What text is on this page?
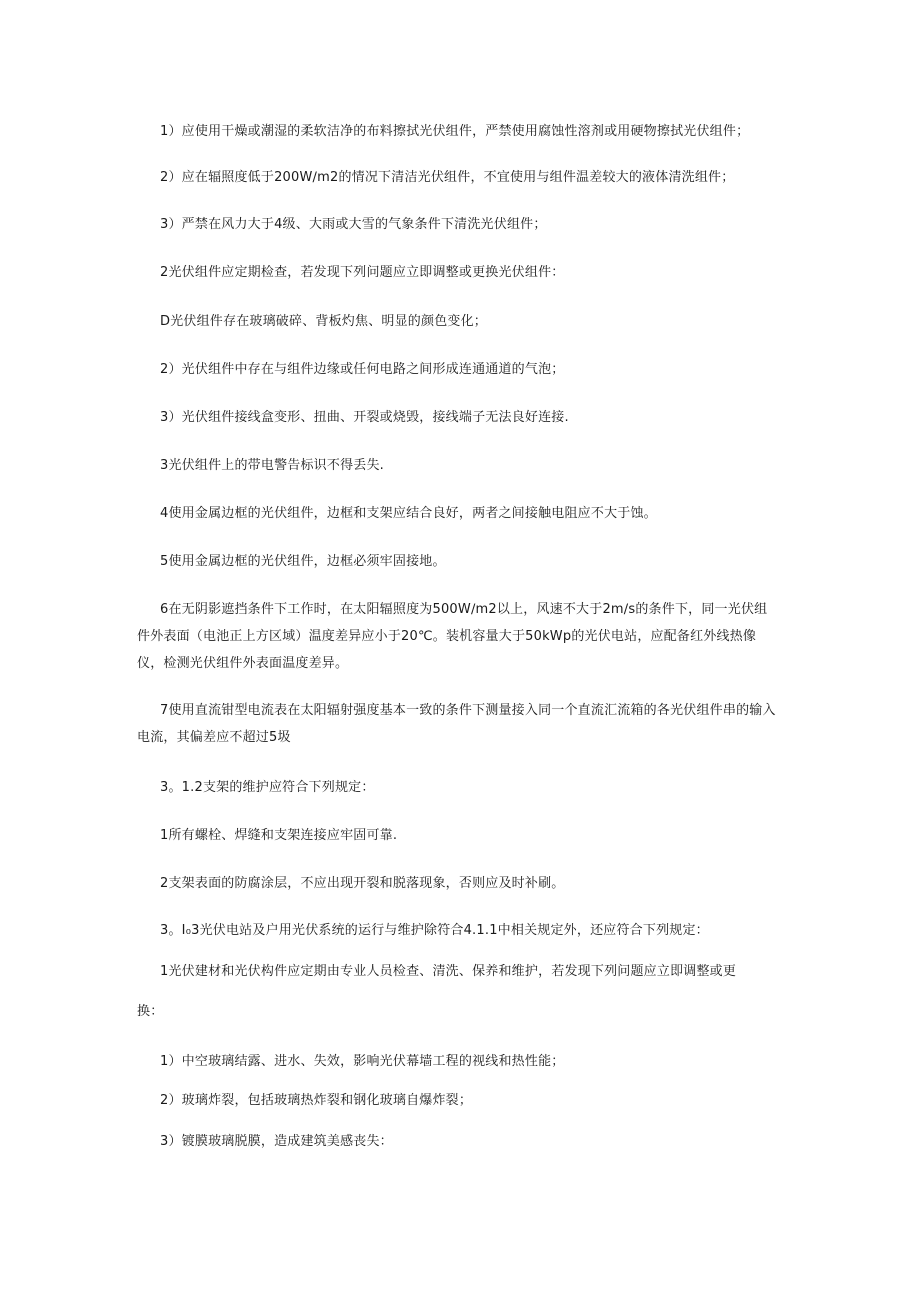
1）应使用干燥或潮湿的柔软洁净的布料擦拭光伏组件，严禁使用腐蚀性溶剂或用硬物擦拭光伏组件；
2）应在辐照度低于200W∕m2的情况下清洁光伏组件，不宜使用与组件温差较大的液体清洗组件；
3）严禁在风力大于4级、大雨或大雪的气象条件下清洗光伏组件；
2光伏组件应定期检查，若发现下列问题应立即调整或更换光伏组件：
D光伏组件存在玻璃破碎、背板灼焦、明显的颜色变化；
2）光伏组件中存在与组件边缘或任何电路之间形成连通通道的气泡；
3）光伏组件接线盒变形、扭曲、开裂或烧毁，接线端子无法良好连接.
3光伏组件上的带电警告标识不得丢失.
4使用金属边框的光伏组件，边框和支架应结合良好，两者之间接触电阻应不大于蚀。
5使用金属边框的光伏组件，边框必须牢固接地。
6在无阴影遮挡条件下工作时，在太阳辐照度为500W∕m2以上，风速不大于2m∕s的条件下，同一光伏组件外表面（电池正上方区域）温度差异应小于20℃。装机容量大于50kWp的光伏电站，应配备红外线热像仪，检测光伏组件外表面温度差异。
7使用直流钳型电流表在太阳辐射强度基本一致的条件下测量接入同一个直流汇流箱的各光伏组件串的输入电流，其偏差应不超过5圾
3。1.2支架的维护应符合下列规定：
1所有螺栓、焊缝和支架连接应牢固可靠.
2支架表面的防腐涂层，不应出现开裂和脱落现象，否则应及时补刷。
3。I₀3光伏电站及户用光伏系统的运行与维护除符合4.1.1中相关规定外，还应符合下列规定：
1光伏建材和光伏构件应定期由专业人员检查、清洗、保养和维护，若发现下列问题应立即调整或更
换：
1）中空玻璃结露、进水、失效，影响光伏幕墙工程的视线和热性能；
2）玻璃炸裂，包括玻璃热炸裂和钢化玻璃自爆炸裂；
3）镀膜玻璃脱膜，造成建筑美感丧失：
